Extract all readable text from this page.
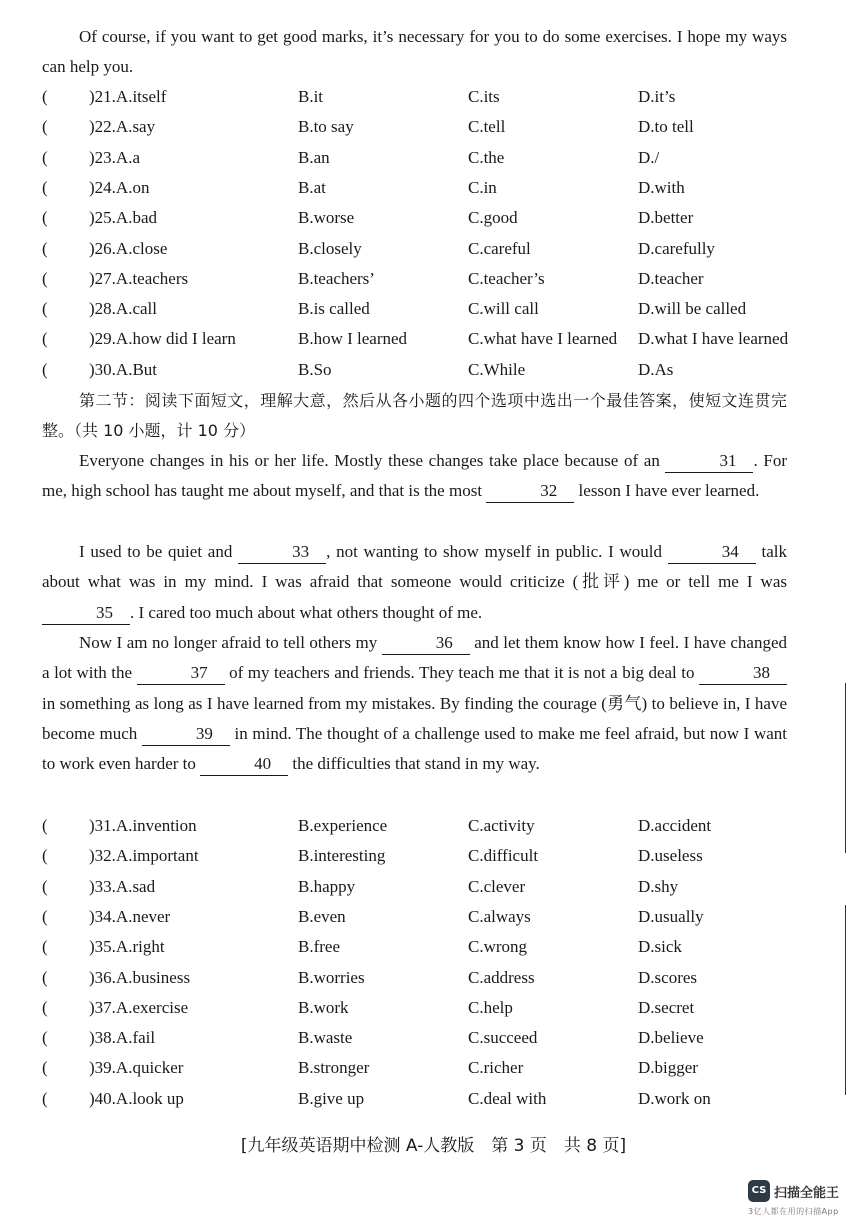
Of course, if you want to get good marks, it’s necessary for you to do some exercises. I hope my ways can help you.
( )21.A.itself	B.it	C.its	D.it’s
( )22.A.say	B.to say	C.tell	D.to tell
( )23.A.a	B.an	C.the	D./
( )24.A.on	B.at	C.in	D.with
( )25.A.bad	B.worse	C.good	D.better
( )26.A.close	B.closely	C.careful	D.carefully
( )27.A.teachers	B.teachers’	C.teacher’s	D.teacher
( )28.A.call	B.is called	C.will call	D.will be called
( )29.A.how did I learn	B.how I learned	C.what have I learned D.what I have learned
( )30.A.But	B.So	C.While	D.As
第二节：阅读下面短文，理解大意，然后从各小题的四个选项中选出一个最佳答案，使短文连贯完整。（共 10 小题，计 10 分）
Everyone changes in his or her life. Mostly these changes take place because of an	31 . For me, high school has taught me about myself, and that is the most	32 lesson I have ever learned.
I used to be quiet and	33 , not wanting to show myself in public. I would	34 talk about what was in my mind. I was afraid that someone would criticize (批评) me or tell me I was 35 . I cared too much about what others thought of me.
Now I am no longer afraid to tell others my	36 and let them know how I feel. I have changed a lot with the	37 of my teachers and friends. They teach me that it is not a big deal to	38 in something as long as I have learned from my mistakes. By finding the courage (勇气) to believe in, I have become much	39 in mind. The thought of a challenge used to make me feel afraid, but now I want to work even harder to	40 the difficulties that stand in my way.
( )31.A.invention	B.experience	C.activity	D.accident
( )32.A.important	B.interesting	C.difficult	D.useless
( )33.A.sad	B.happy	C.clever	D.shy
( )34.A.never	B.even	C.always	D.usually
( )35.A.right	B.free	C.wrong	D.sick
( )36.A.business	B.worries	C.address	D.scores
( )37.A.exercise	B.work	C.help	D.secret
( )38.A.fail	B.waste	C.succeed	D.believe
( )39.A.quicker	B.stronger	C.richer	D.bigger
( )40.A.look up	B.give up	C.deal with	D.work on
[九年级英语期中检测 A-人教版　第 3 页　共 8 页]
CS 扫描全能王
3亿人都在用的扫描App
